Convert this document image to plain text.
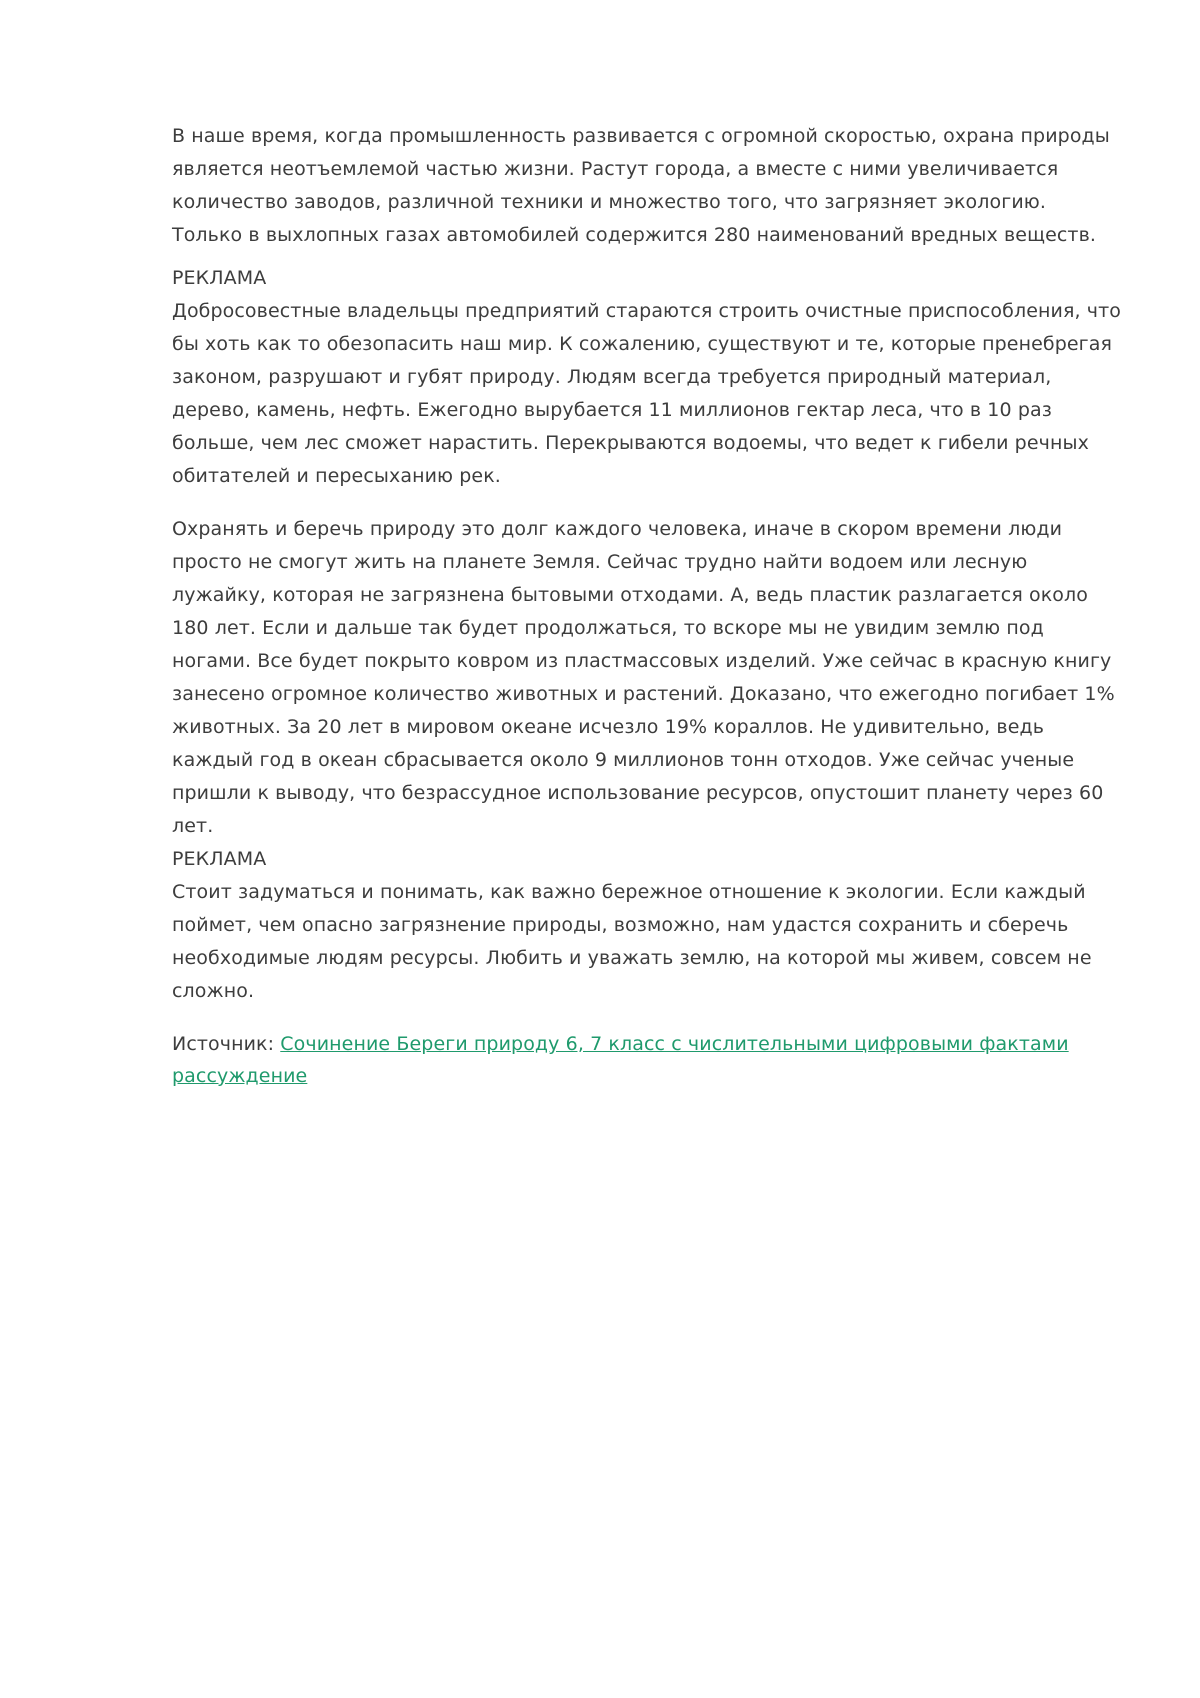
В наше время, когда промышленность развивается с огромной скоростью, охрана природы является неотъемлемой частью жизни. Растут города, а вместе с ними увеличивается количество заводов, различной техники и множество того, что загрязняет экологию. Только в выхлопных газах автомобилей содержится 280 наименований вредных веществ.

РЕКЛАМА

Добросовестные владельцы предприятий стараются строить очистные приспособления, что бы хоть как то обезопасить наш мир. К сожалению, существуют и те, которые пренебрегая законом, разрушают и губят природу. Людям всегда требуется природный материал, дерево, камень, нефть. Ежегодно вырубается 11 миллионов гектар леса, что в 10 раз больше, чем лес сможет нарастить. Перекрываются водоемы, что ведет к гибели речных обитателей и пересыханию рек.

Охранять и беречь природу это долг каждого человека, иначе в скором времени люди просто не смогут жить на планете Земля. Сейчас трудно найти водоем или лесную лужайку, которая не загрязнена бытовыми отходами. А, ведь пластик разлагается около 180 лет. Если и дальше так будет продолжаться, то вскоре мы не увидим землю под ногами. Все будет покрыто ковром из пластмассовых изделий. Уже сейчас в красную книгу занесено огромное количество животных и растений. Доказано, что ежегодно погибает 1% животных. За 20 лет в мировом океане исчезло 19% кораллов. Не удивительно, ведь каждый год в океан сбрасывается около 9 миллионов тонн отходов. Уже сейчас ученые пришли к выводу, что безрассудное использование ресурсов, опустошит планету через 60 лет.

РЕКЛАМА

Стоит задуматься и понимать, как важно бережное отношение к экологии. Если каждый поймет, чем опасно загрязнение природы, возможно, нам удастся сохранить и сберечь необходимые людям ресурсы. Любить и уважать землю, на которой мы живем, совсем не сложно.

Источник: Сочинение Береги природу 6, 7 класс с числительными цифровыми фактами рассуждение
